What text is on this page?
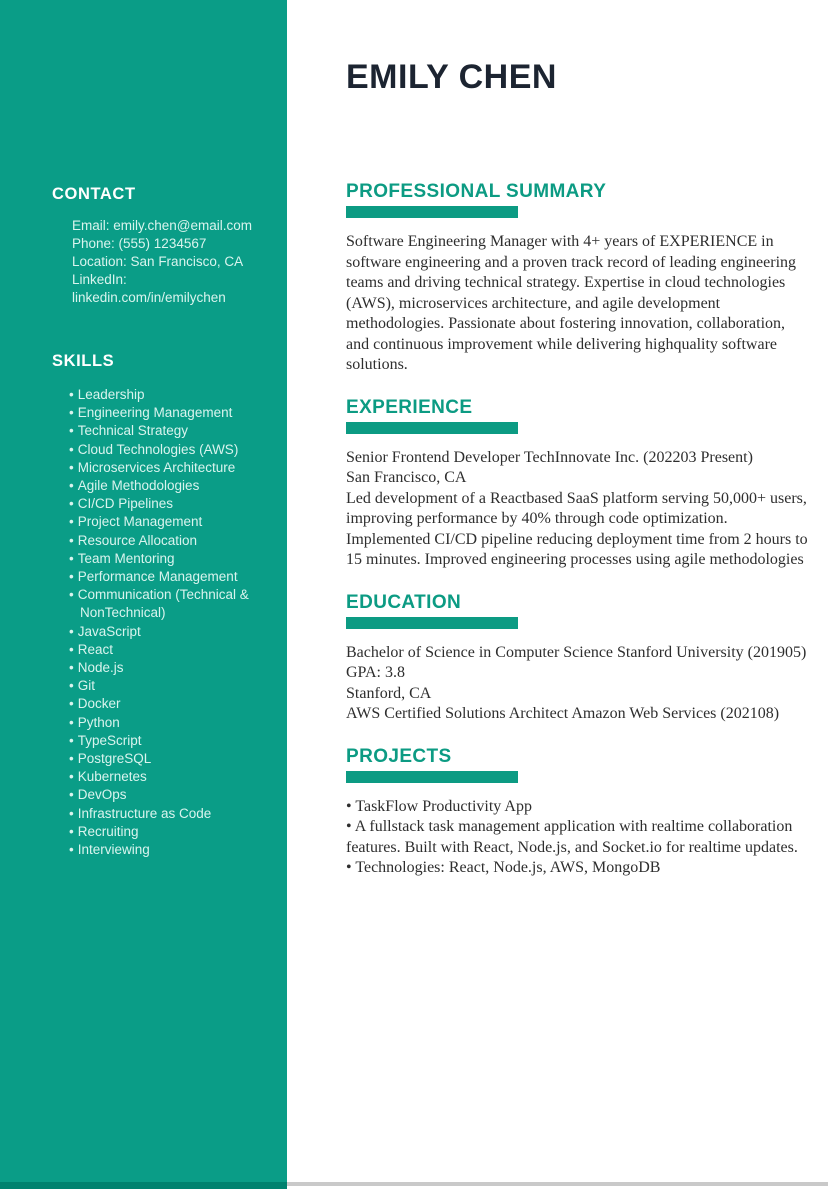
CONTACT
Email: emily.chen@email.com
Phone: (555) 1234567
Location: San Francisco, CA
LinkedIn:
linkedin.com/in/emilychen
SKILLS
• Leadership
• Engineering Management
• Technical Strategy
• Cloud Technologies (AWS)
• Microservices Architecture
• Agile Methodologies
• CI/CD Pipelines
• Project Management
• Resource Allocation
• Team Mentoring
• Performance Management
• Communication (Technical & NonTechnical)
• JavaScript
• React
• Node.js
• Git
• Docker
• Python
• TypeScript
• PostgreSQL
• Kubernetes
• DevOps
• Infrastructure as Code
• Recruiting
• Interviewing
EMILY CHEN
PROFESSIONAL SUMMARY
Software Engineering Manager with 4+ years of EXPERIENCE in software engineering and a proven track record of leading engineering teams and driving technical strategy. Expertise in cloud technologies (AWS), microservices architecture, and agile development methodologies. Passionate about fostering innovation, collaboration, and continuous improvement while delivering highquality software solutions.
EXPERIENCE
Senior Frontend Developer TechInnovate Inc. (202203 Present)
San Francisco, CA
Led development of a Reactbased SaaS platform serving 50,000+ users, improving performance by 40% through code optimization. Implemented CI/CD pipeline reducing deployment time from 2 hours to 15 minutes. Improved engineering processes using agile methodologies
EDUCATION
Bachelor of Science in Computer Science Stanford University (201905)
GPA: 3.8
Stanford, CA
AWS Certified Solutions Architect Amazon Web Services (202108)
PROJECTS
• TaskFlow Productivity App
• A fullstack task management application with realtime collaboration features. Built with React, Node.js, and Socket.io for realtime updates.
• Technologies: React, Node.js, AWS, MongoDB
